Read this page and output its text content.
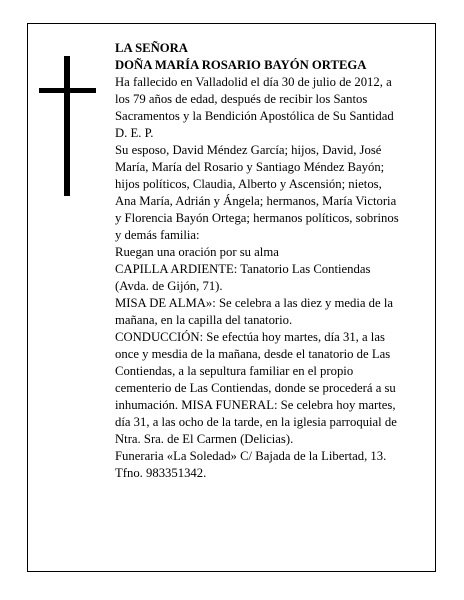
LA SEÑORA
DOÑA MARÍA ROSARIO BAYÓN ORTEGA
Ha fallecido en Valladolid el día 30 de julio de 2012, a
los 79 años de edad, después de recibir los Santos
Sacramentos y la Bendición Apostólica de Su Santidad
D. E. P.
Su esposo, David Méndez García; hijos, David, José
María, María del Rosario y Santiago Méndez Bayón;
hijos políticos, Claudia, Alberto y Ascensión; nietos,
Ana María, Adrián y Ángela; hermanos, María Victoria
y Florencia Bayón Ortega; hermanos políticos, sobrinos
y demás familia:
Ruegan una oración por su alma
CAPILLA ARDIENTE: Tanatorio Las Contiendas
(Avda. de Gijón, 71).
MISA DE ALMA»: Se celebra a las diez y media de la
mañana, en la capilla del tanatorio.
CONDUCCIÓN: Se efectúa hoy martes, día 31, a las
once y mesdia de la mañana, desde el tanatorio de Las
Contiendas, a la sepultura familiar en el propio
cementerio de Las Contiendas, donde se procederá a su
inhumación. MISA FUNERAL: Se celebra hoy martes,
día 31, a las ocho de la tarde, en la iglesia parroquial de
Ntra. Sra. de El Carmen (Delicias).
Funeraria «La Soledad» C/ Bajada de la Libertad, 13.
Tfno. 983351342.
